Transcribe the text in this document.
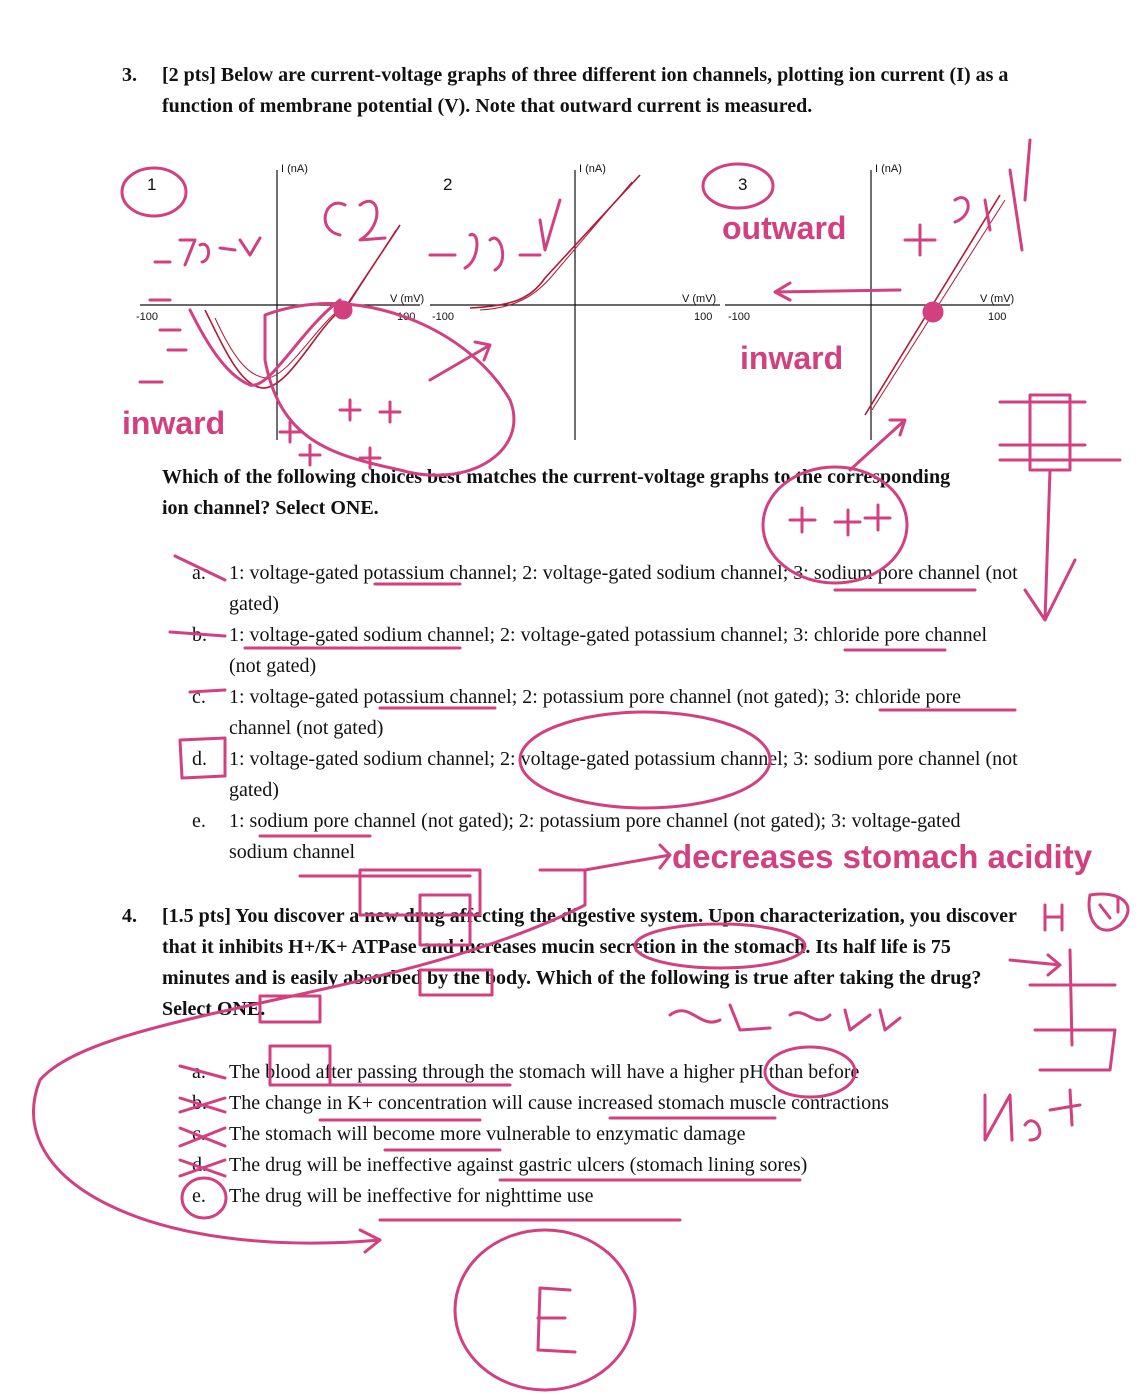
3. [2 pts] Below are current-voltage graphs of three different ion channels, plotting ion current (I) as a function of membrane potential (V). Note that outward current is measured.
I (nA)
V (mV)
-100	100
1
I (nA)
V (mV)
-100	100
2
I (nA)
V (mV)
-100	100
3
outward
inward
inward
Which of the following choices best matches the current-voltage graphs to the corresponding ion channel? Select ONE.
a. 1: voltage-gated potassium channel; 2: voltage-gated sodium channel; 3: sodium pore channel (not gated)
b. 1: voltage-gated sodium channel; 2: voltage-gated potassium channel; 3: chloride pore channel (not gated)
c. 1: voltage-gated potassium channel; 2: potassium pore channel (not gated); 3: chloride pore channel (not gated)
d. 1: voltage-gated sodium channel; 2: voltage-gated potassium channel; 3: sodium pore channel (not gated)
e. 1: sodium pore channel (not gated); 2: potassium pore channel (not gated); 3: voltage-gated sodium channel	decreases stomach acidity
4. [1.5 pts] You discover a new drug affecting the digestive system. Upon characterization, you discover that it inhibits H+/K+ ATPase and increases mucin secretion in the stomach. Its half life is 75 minutes and is easily absorbed by the body. Which of the following is true after taking the drug? Select ONE.
a. The blood after passing through the stomach will have a higher pH than before
b. The change in K+ concentration will cause increased stomach muscle contractions
c. The stomach will become more vulnerable to enzymatic damage
d. The drug will be ineffective against gastric ulcers (stomach lining sores)
e. The drug will be ineffective for nighttime use
